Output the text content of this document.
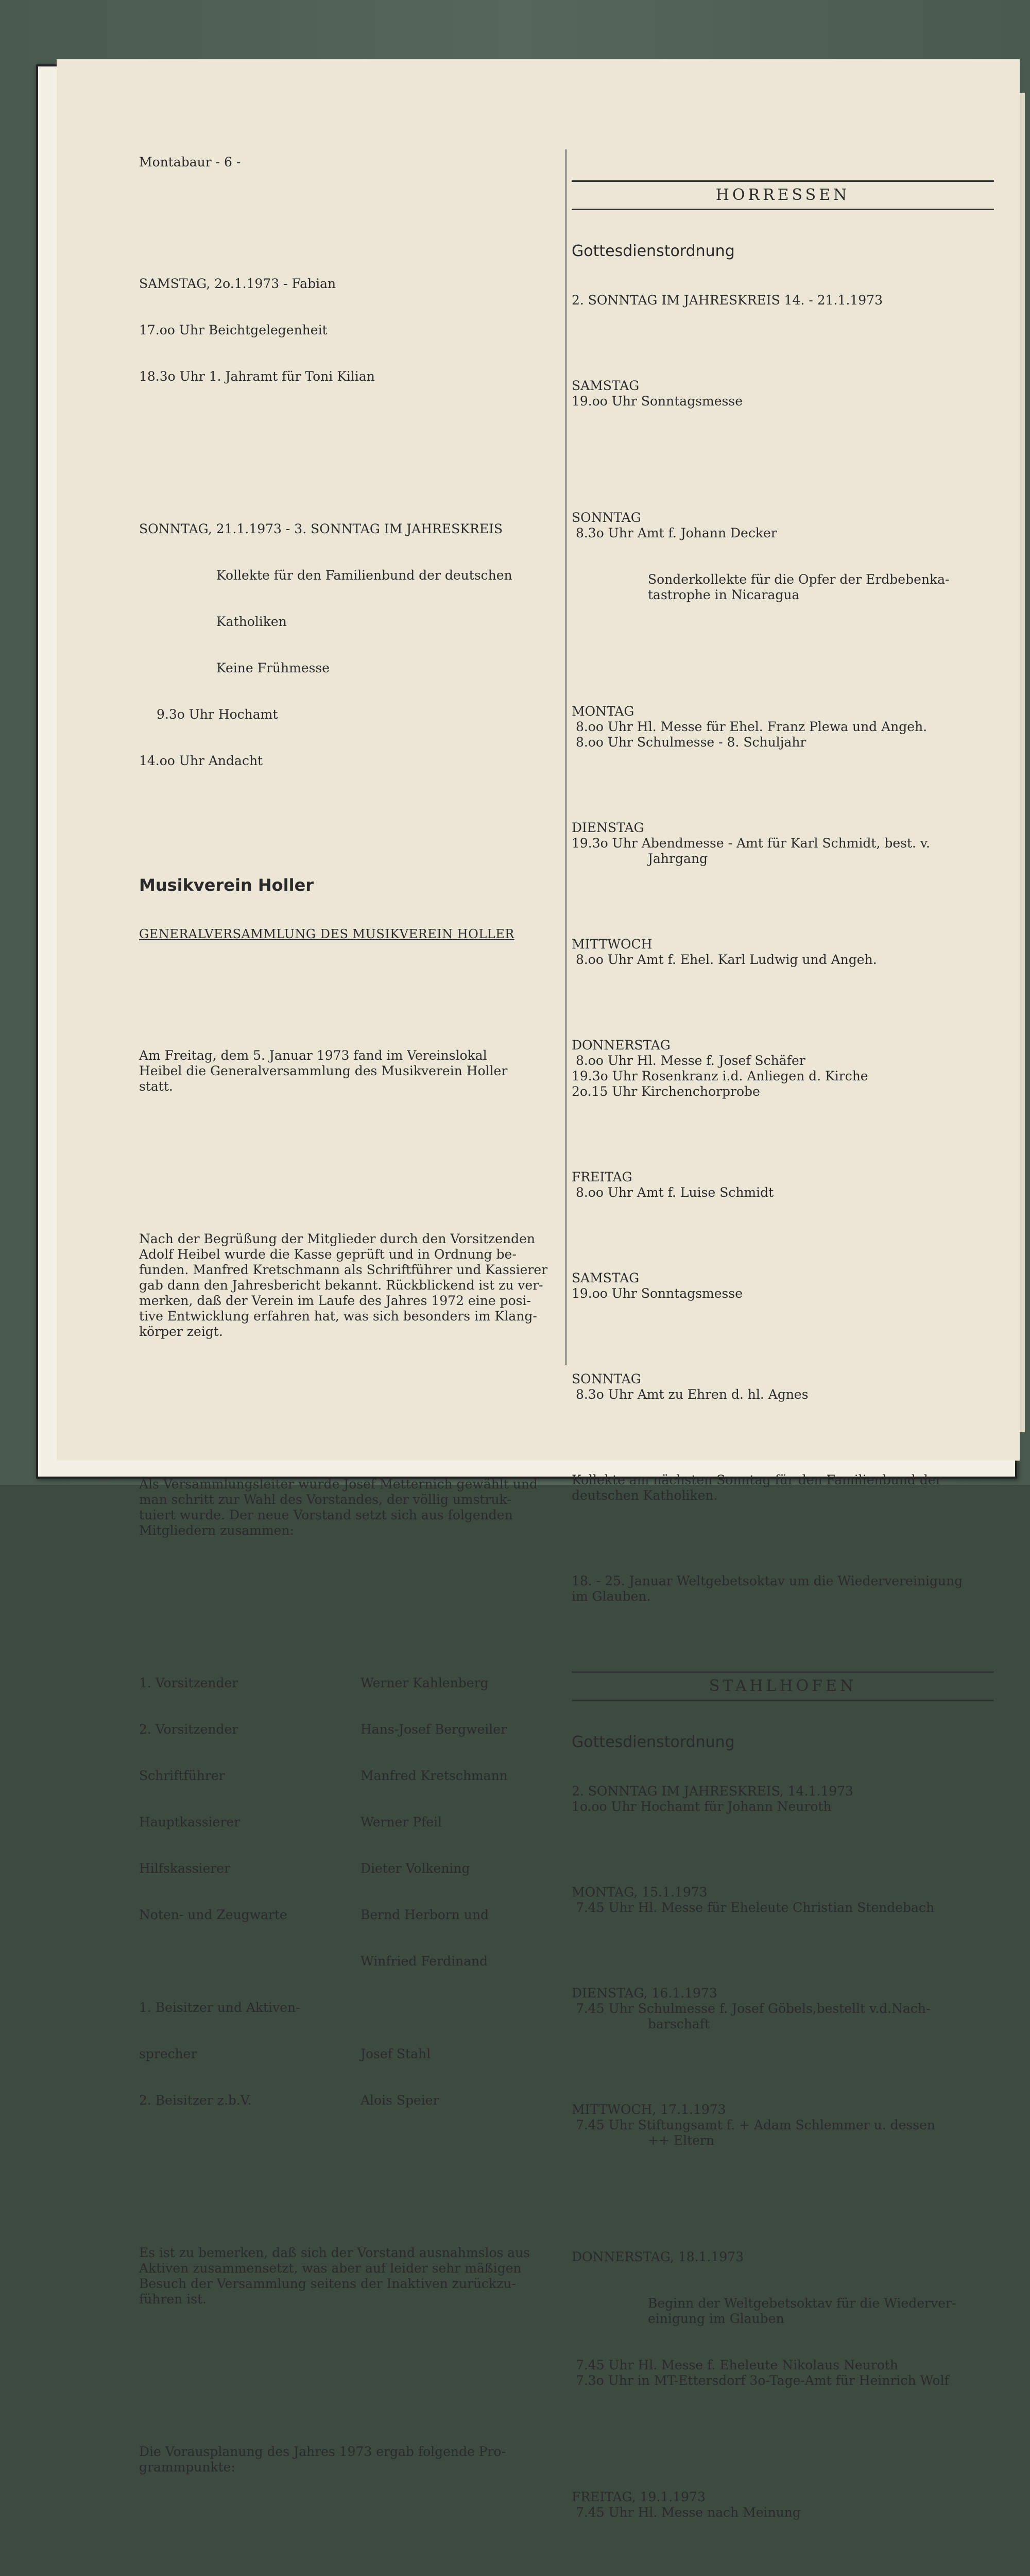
Montabaur - 6 -

SAMSTAG, 2o.1.1973 - Fabian

17.oo Uhr Beichtgelegenheit

18.3o Uhr 1. Jahramt für Toni Kilian

SONNTAG, 21.1.1973 - 3. SONNTAG IM JAHRESKREIS

Kollekte für den Familienbund der deutschen

Katholiken

Keine Frühmesse

9.3o Uhr Hochamt

14.oo Uhr Andacht

Musikverein Holler

GENERALVERSAMMLUNG DES MUSIKVEREIN HOLLER

Am Freitag, dem 5. Januar 1973 fand im Vereinslokal

Heibel die Generalversammlung des Musikverein Holler

statt.

Nach der Begrüßung der Mitglieder durch den Vorsitzenden

Adolf Heibel wurde die Kasse geprüft und in Ordnung be-

funden. Manfred Kretschmann als Schriftführer und Kassierer

gab dann den Jahresbericht bekannt. Rückblickend ist zu ver-

merken, daß der Verein im Laufe des Jahres 1972 eine posi-

tive Entwicklung erfahren hat, was sich besonders im Klang-

körper zeigt.

Als Versammlungsleiter wurde Josef Metternich gewählt und

man schritt zur Wahl des Vorstandes, der völlig umstruk-

tuiert wurde. Der neue Vorstand setzt sich aus folgenden

Mitgliedern zusammen:

1. Vorsitzender	Werner Kahlenberg

2. Vorsitzender	Hans-Josef Bergweiler

Schriftführer	Manfred Kretschmann

Hauptkassierer	Werner Pfeil

Hilfskassierer	Dieter Volkening

Noten- und Zeugwarte	Bernd Herborn und

Winfried Ferdinand

1. Beisitzer und Aktiven-

sprecher	Josef Stahl

2. Beisitzer z.b.V.	Alois Speier

Es ist zu bemerken, daß sich der Vorstand ausnahmslos aus

Aktiven zusammensetzt, was aber auf leider sehr mäßigen

Besuch der Versammlung seitens der Inaktiven zurückzu-

führen ist.

Die Vorausplanung des Jahres 1973 ergab folgende Pro-

grammpunkte:

HORRESSEN

Gottesdienstordnung

2. SONNTAG IM JAHRESKREIS 14. - 21.1.1973

SAMSTAG

19.oo Uhr Sonntagsmesse

SONNTAG

8.3o Uhr Amt f. Johann Decker

Sonderkollekte für die Opfer der Erdbebenka-

tastrophe in Nicaragua

MONTAG

8.oo Uhr Hl. Messe für Ehel. Franz Plewa und Angeh.

8.oo Uhr Schulmesse - 8. Schuljahr

DIENSTAG

19.3o Uhr Abendmesse - Amt für Karl Schmidt, best. v.

Jahrgang

MITTWOCH

8.oo Uhr Amt f. Ehel. Karl Ludwig und Angeh.

DONNERSTAG

8.oo Uhr Hl. Messe f. Josef Schäfer

19.3o Uhr Rosenkranz i.d. Anliegen d. Kirche

2o.15 Uhr Kirchenchorprobe

FREITAG

8.oo Uhr Amt f. Luise Schmidt

SAMSTAG

19.oo Uhr Sonntagsmesse

SONNTAG

8.3o Uhr Amt zu Ehren d. hl. Agnes

Kollekte am nächsten Sonntag für den Familienbund der

deutschen Katholiken.

18. - 25. Januar Weltgebetsoktav um die Wiedervereinigung

im Glauben.

STAHLHOFEN

Gottesdienstordnung

2. SONNTAG IM JAHRESKREIS, 14.1.1973

1o.oo Uhr Hochamt für Johann Neuroth

MONTAG, 15.1.1973

7.45 Uhr Hl. Messe für Eheleute Christian Stendebach

DIENSTAG, 16.1.1973

7.45 Uhr Schulmesse f. Josef Göbels,bestellt v.d.Nach-

barschaft

MITTWOCH, 17.1.1973

7.45 Uhr Stiftungsamt f. + Adam Schlemmer u. dessen

++ Eltern

DONNERSTAG, 18.1.1973

Beginn der Weltgebetsoktav für die Wiederver-

einigung im Glauben

7.45 Uhr Hl. Messe f. Eheleute Nikolaus Neuroth

7.3o Uhr in MT-Ettersdorf 3o-Tage-Amt für Heinrich Wolf

FREITAG, 19.1.1973

7.45 Uhr Hl. Messe nach Meinung
